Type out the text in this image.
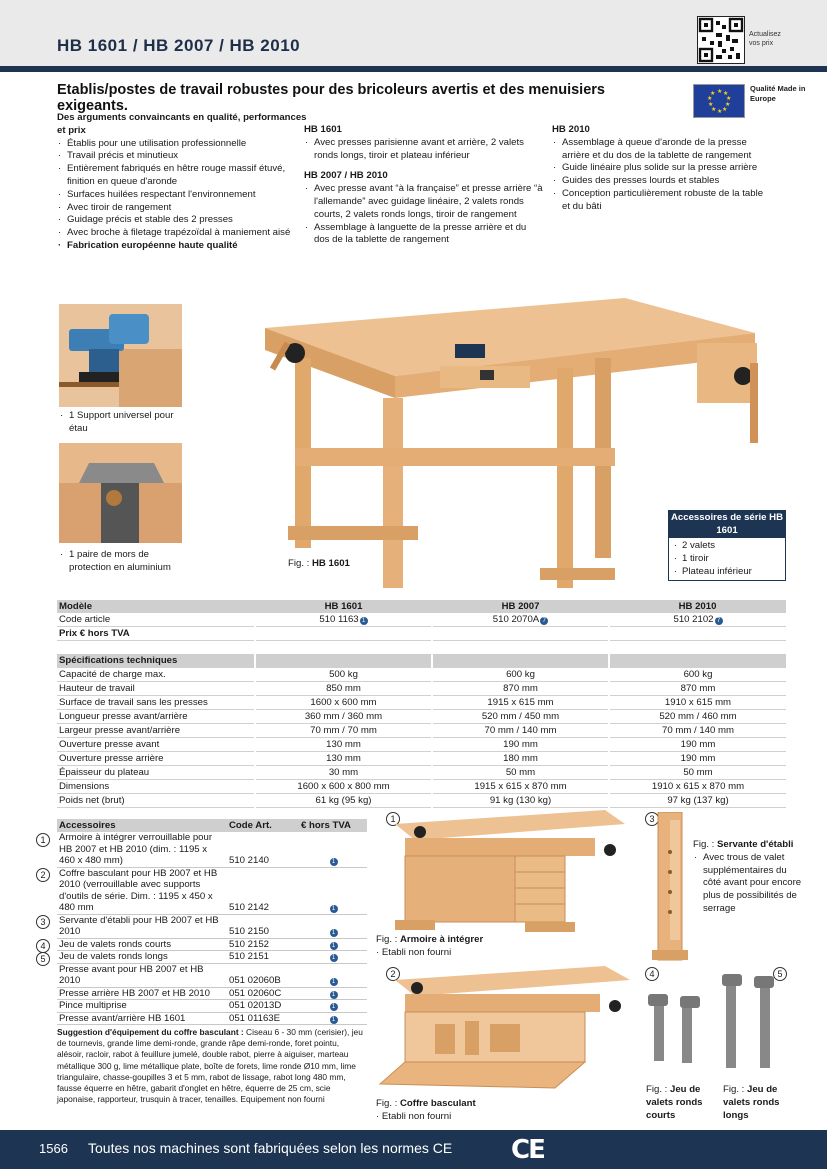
HB 1601 / HB 2007 / HB 2010
Actualisez vos prix
Etablis/postes de travail robustes pour des bricoleurs avertis et des menuisiers exigeants.
★ ★
★
★
★
★
★
★
★
★
Qualité Made in Europe
Des arguments convaincants en qualité, performances et prix
· Établis pour une utilisation professionnelle
· Travail précis et minutieux
· Entièrement fabriqués en hêtre rouge massif étuvé, finition en queue d'aronde
· Surfaces huilées respectant l'environnement
· Avec tiroir de rangement
· Guidage précis et stable des 2 presses
· Avec broche à filetage trapézoïdal à maniement aisé
· Fabrication européenne haute qualité
HB 1601
· Avec presses parisienne avant et arrière, 2 valets ronds longs, tiroir et plateau inférieur
HB 2007 / HB 2010
· Avec presse avant “à la française” et presse arrière “à l'allemande” avec guidage linéaire, 2 valets ronds courts, 2 valets ronds longs, tiroir de rangement
· Assemblage à languette de la presse arrière et du dos de la tablette de rangement
HB 2010
· Assemblage à queue d'aronde de la presse arrière et du dos de la tablette de rangement
· Guide linéaire plus solide sur la presse arrière
· Guides des presses lourds et stables
· Conception particulièrement robuste de la table et du bâti
· 1 Support universel pour étau
· 1 paire de mors de protection en aluminium	Fig. : HB 1601
Accessoires de série HB 1601
· 2 valets
· 1 tiroir
· Plateau inférieur
Modèle	HB 1601	HB 2007	HB 2010
Code article	510 1163 1	510 2070A 7	510 2102 7
Prix € hors TVA			

Spécifications techniques			
Capacité de charge max.	500 kg	600 kg	600 kg
Hauteur de travail	850 mm	870 mm	870 mm
Surface de travail sans les presses	1600 x 600 mm	1915 x 615 mm	1910 x 615 mm
Longueur presse avant/arrière	360 mm / 360 mm	520 mm / 450 mm	520 mm / 460 mm
Largeur presse avant/arrière	70 mm / 70 mm	70 mm / 140 mm	70 mm / 140 mm
Ouverture presse avant	130 mm	190 mm	190 mm
Ouverture presse arrière	130 mm	180 mm	190 mm
Épaisseur du plateau	30 mm	50 mm	50 mm
Dimensions	1600 x 600 x 800 mm	1915 x 615 x 870 mm	1910 x 615 x 870 mm
Poids net (brut)	61 kg (95 kg)	91 kg (130 kg)	97 kg (137 kg)
Accessoires	Code Art.	€ hors TVA
Armoire à intégrer verrouillable pour HB 2007 et HB 2010 (dim. : 1195 x 460 x 480 mm)	510 2140	1
Coffre basculant pour HB 2007 et HB 2010 (verrouillable avec supports d'outils de série. Dim. : 1195 x 450 x 480 mm	510 2142	1
Servante d'établi pour HB 2007 et HB 2010	510 2150	1
Jeu de valets ronds courts	510 2152	1
Jeu de valets ronds longs	510 2151	1
Presse avant pour HB 2007 et HB 2010	051 02060B	1
Presse arrière HB 2007 et HB 2010	051 02060C	1
Pince multiprise	051 02013D	1
Presse avant/arrière HB 1601	051 01163E	1
Suggestion d'équipement du coffre basculant : Ciseau 6 - 30 mm (cerisier), jeu de tournevis, grande lime demi-ronde, grande râpe demi-ronde, foret pointu, alésoir, racloir, rabot à feuillure jumelé, double rabot, pierre à aiguiser, marteau métallique 300 g, lime métallique plate, boîte de forets, lime ronde Ø10 mm, lime triangulaire, chasse-goupilles 3 et 5 mm, rabot de lissage, rabot long 480 mm, fausse équerre en hêtre, gabarit d'onglet en hêtre, équerre de 25 cm, scie japonaise, rapporteur, trusquin à tracer, tenailles. Equipement non fourni
1
Fig. : Armoire à intégrer
· Etabli non fourni
2
Fig. : Coffre basculant
· Etabli non fourni
3
Fig. : Servante d'établi
· Avec trous de valet supplémentaires du côté avant pour encore plus de possibilités de serrage
4	5
Fig. : Jeu de valets ronds courts
Fig. : Jeu de valets ronds longs
1566 Toutes nos machines sont fabriquées selon les normes CE CE
1
2
3
4
5
